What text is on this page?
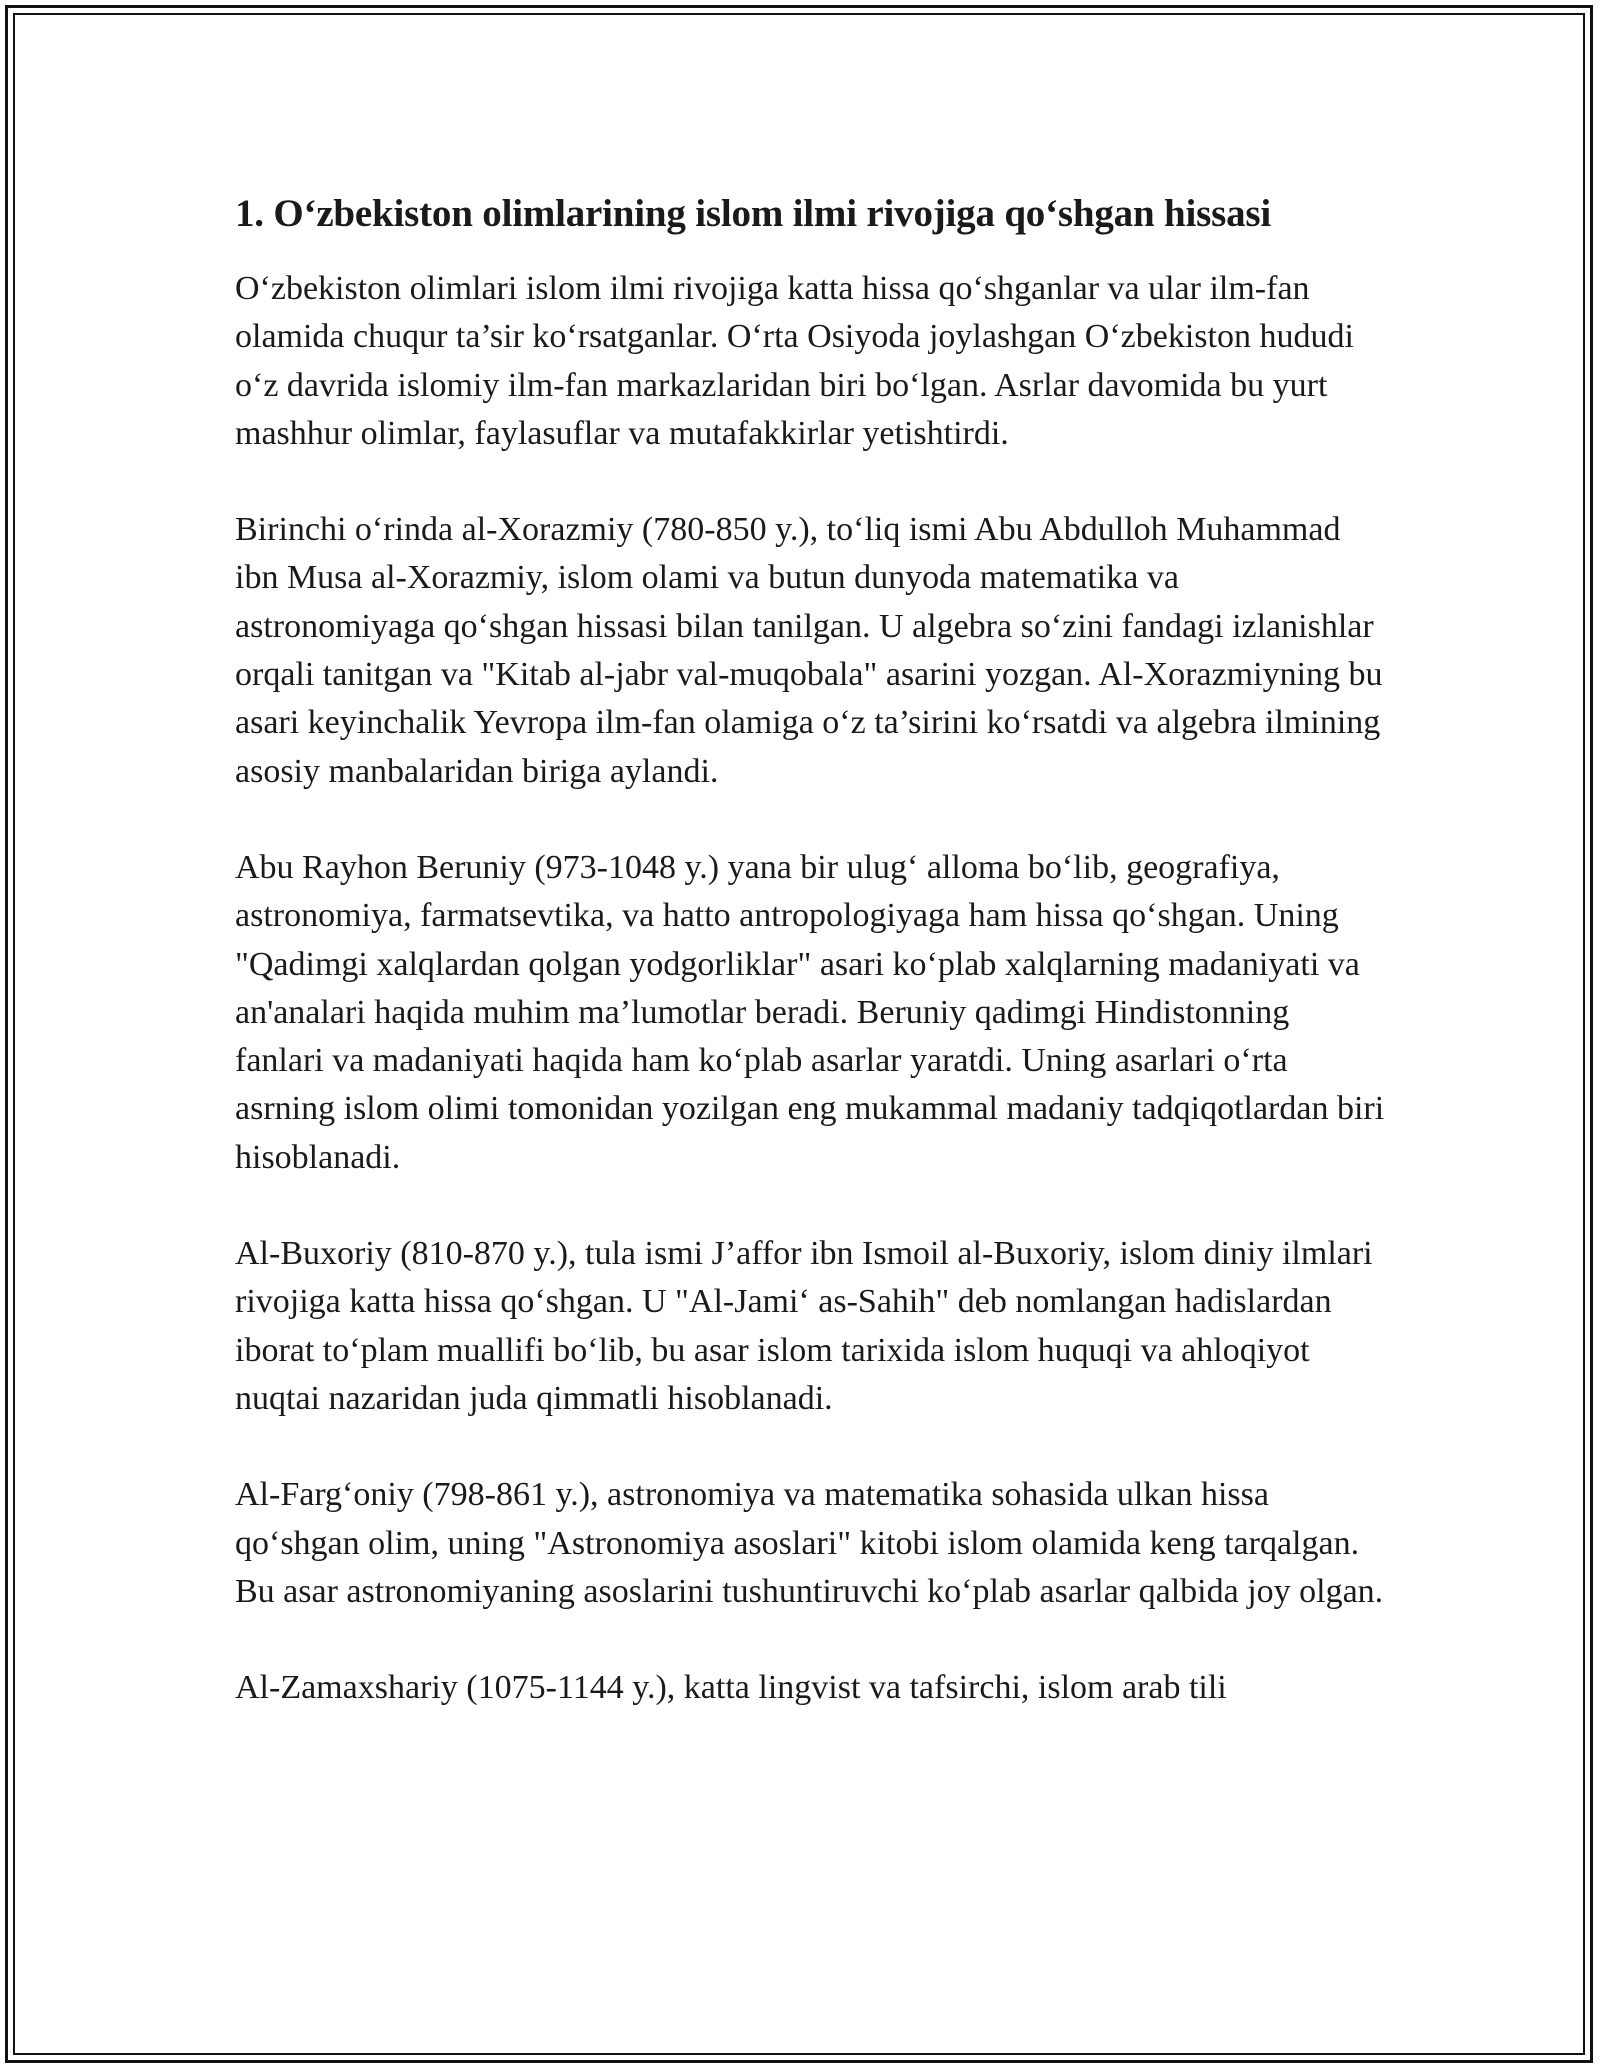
1. O‘zbekiston olimlarining islom ilmi rivojiga qo‘shgan hissasi

O‘zbekiston olimlari islom ilmi rivojiga katta hissa qo‘shganlar va ular ilm-fan olamida chuqur ta’sir ko‘rsatganlar. O‘rta Osiyoda joylashgan O‘zbekiston hududi o‘z davrida islomiy ilm-fan markazlaridan biri bo‘lgan. Asrlar davomida bu yurt mashhur olimlar, faylasuflar va mutafakkirlar yetishtirdi.

Birinchi o‘rinda al-Xorazmiy (780-850 y.), to‘liq ismi Abu Abdulloh Muhammad ibn Musa al-Xorazmiy, islom olami va butun dunyoda matematika va astronomiyaga qo‘shgan hissasi bilan tanilgan. U algebra so‘zini fandagi izlanishlar orqali tanitgan va "Kitab al-jabr val-muqobala" asarini yozgan. Al-Xorazmiyning bu asari keyinchalik Yevropa ilm-fan olamiga o‘z ta’sirini ko‘rsatdi va algebra ilmining asosiy manbalaridan biriga aylandi.

Abu Rayhon Beruniy (973-1048 y.) yana bir ulug‘ alloma bo‘lib, geografiya, astronomiya, farmatsevtika, va hatto antropologiyaga ham hissa qo‘shgan. Uning "Qadimgi xalqlardan qolgan yodgorliklar" asari ko‘plab xalqlarning madaniyati va an'analari haqida muhim ma’lumotlar beradi. Beruniy qadimgi Hindistonning fanlari va madaniyati haqida ham ko‘plab asarlar yaratdi. Uning asarlari o‘rta asrning islom olimi tomonidan yozilgan eng mukammal madaniy tadqiqotlardan biri hisoblanadi.

Al-Buxoriy (810-870 y.), tula ismi J’affor ibn Ismoil al-Buxoriy, islom diniy ilmlari rivojiga katta hissa qo‘shgan. U "Al-Jami‘ as-Sahih" deb nomlangan hadislardan iborat to‘plam muallifi bo‘lib, bu asar islom tarixida islom huquqi va ahloqiyot nuqtai nazaridan juda qimmatli hisoblanadi.

Al-Farg‘oniy (798-861 y.), astronomiya va matematika sohasida ulkan hissa qo‘shgan olim, uning "Astronomiya asoslari" kitobi islom olamida keng tarqalgan. Bu asar astronomiyaning asoslarini tushuntiruvchi ko‘plab asarlar qalbida joy olgan.

Al-Zamaxshariy (1075-1144 y.), katta lingvist va tafsirchi, islom arab tili
